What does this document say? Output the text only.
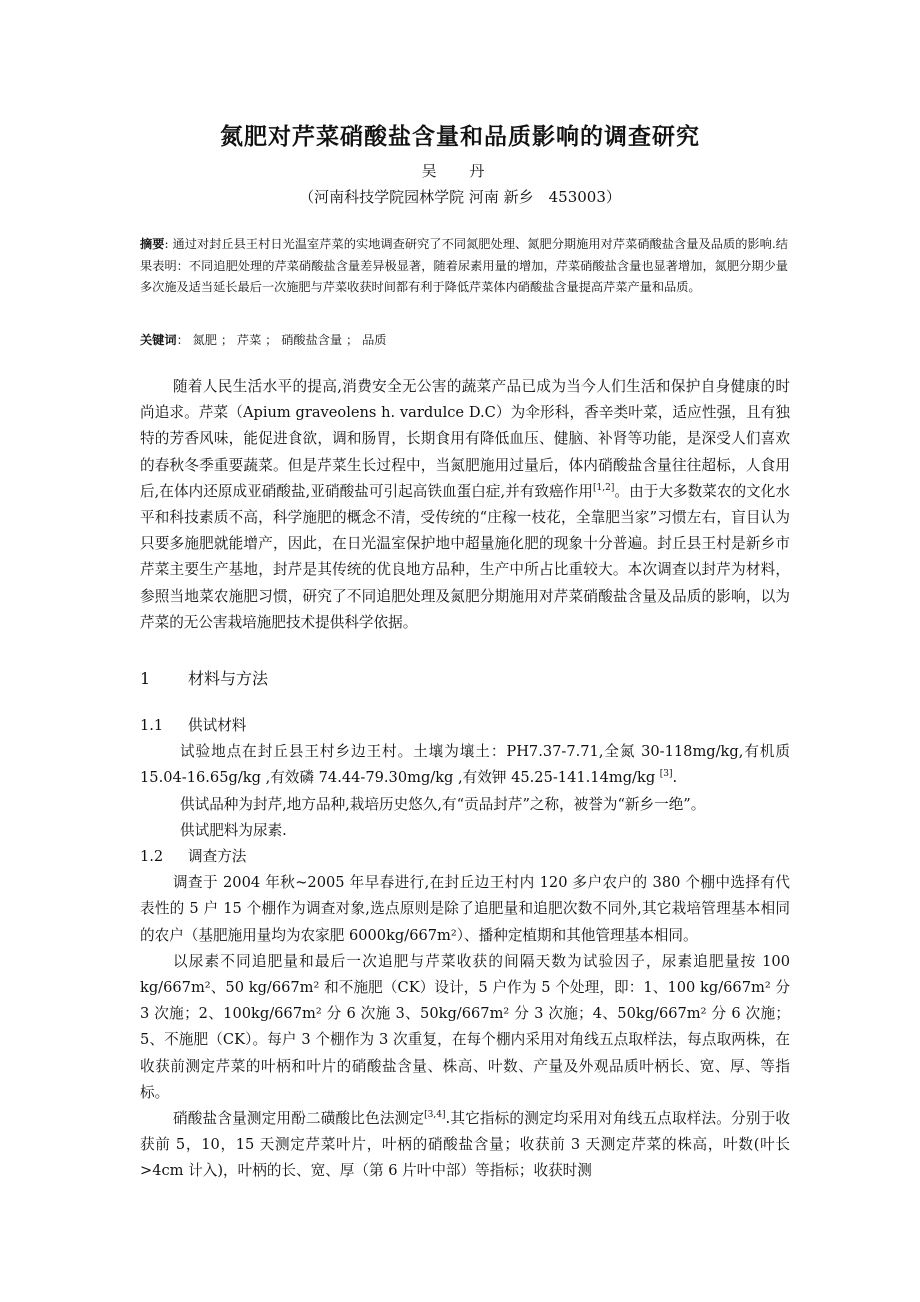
氮肥对芹菜硝酸盐含量和品质影响的调查研究
吴 丹
（河南科技学院园林学院 河南 新乡　453003）
摘要: 通过对封丘县王村日光温室芹菜的实地调查研究了不同氮肥处理、氮肥分期施用对芹菜硝酸盐含量及品质的影响.结果表明：不同追肥处理的芹菜硝酸盐含量差异极显著，随着尿素用量的增加，芹菜硝酸盐含量也显著增加，氮肥分期少量多次施及适当延长最后一次施肥与芹菜收获时间都有利于降低芹菜体内硝酸盐含量提高芹菜产量和品质。
关键词： 氮肥 ； 芹菜 ； 硝酸盐含量 ； 品质

随着人民生活水平的提高,消费安全无公害的蔬菜产品已成为当今人们生活和保护自身健康的时尚追求。芹菜（Apium graveolens h. vardulce D.C）为伞形科，香辛类叶菜，适应性强，且有独特的芳香风味，能促进食欲，调和肠胃，长期食用有降低血压、健脑、补肾等功能，是深受人们喜欢的春秋冬季重要蔬菜。但是芹菜生长过程中，当氮肥施用过量后，体内硝酸盐含量往往超标，人食用后,在体内还原成亚硝酸盐,亚硝酸盐可引起高铁血蛋白症,并有致癌作用[1,2]。由于大多数菜农的文化水平和科技素质不高，科学施肥的概念不清，受传统的“庄稼一枝花，全靠肥当家”习惯左右，盲目认为只要多施肥就能增产，因此，在日光温室保护地中超量施化肥的现象十分普遍。封丘县王村是新乡市芹菜主要生产基地，封芹是其传统的优良地方品种，生产中所占比重较大。本次调查以封芹为材料，参照当地菜农施肥习惯，研究了不同追肥处理及氮肥分期施用对芹菜硝酸盐含量及品质的影响，以为芹菜的无公害栽培施肥技术提供科学依据。

1 材料与方法

1.1 供试材料

试验地点在封丘县王村乡边王村。土壤为壤土：PH7.37-7.71,全氮 30-118mg/kg,有机质 15.04-16.65g/kg ,有效磷 74.44-79.30mg/kg ,有效钾 45.25-141.14mg/kg [3].

供试品种为封芹,地方品种,栽培历史悠久,有“贡品封芹”之称，被誉为“新乡一绝”。

供试肥料为尿素.

1.2 调查方法

调查于 2004 年秋~2005 年早春进行,在封丘边王村内 120 多户农户的 380 个棚中选择有代表性的 5 户 15 个棚作为调查对象,选点原则是除了追肥量和追肥次数不同外,其它栽培管理基本相同的农户（基肥施用量均为农家肥 6000kg/667m²）、播种定植期和其他管理基本相同。

以尿素不同追肥量和最后一次追肥与芹菜收获的间隔天数为试验因子，尿素追肥量按 100 kg/667m²、50 kg/667m² 和不施肥（CK）设计，5 户作为 5 个处理，即：1、100 kg/667m² 分 3 次施；2、100kg/667m² 分 6 次施 3、50kg/667m² 分 3 次施；4、50kg/667m² 分 6 次施；5、不施肥（CK）。每户 3 个棚作为 3 次重复，在每个棚内采用对角线五点取样法，每点取两株，在收获前测定芹菜的叶柄和叶片的硝酸盐含量、株高、叶数、产量及外观品质叶柄长、宽、厚、等指标。

硝酸盐含量测定用酚二磺酸比色法测定[3,4].其它指标的测定均采用对角线五点取样法。分别于收获前 5，10，15 天测定芹菜叶片，叶柄的硝酸盐含量；收获前 3 天测定芹菜的株高，叶数(叶长>4cm 计入)，叶柄的长、宽、厚（第 6 片叶中部）等指标；收获时测
